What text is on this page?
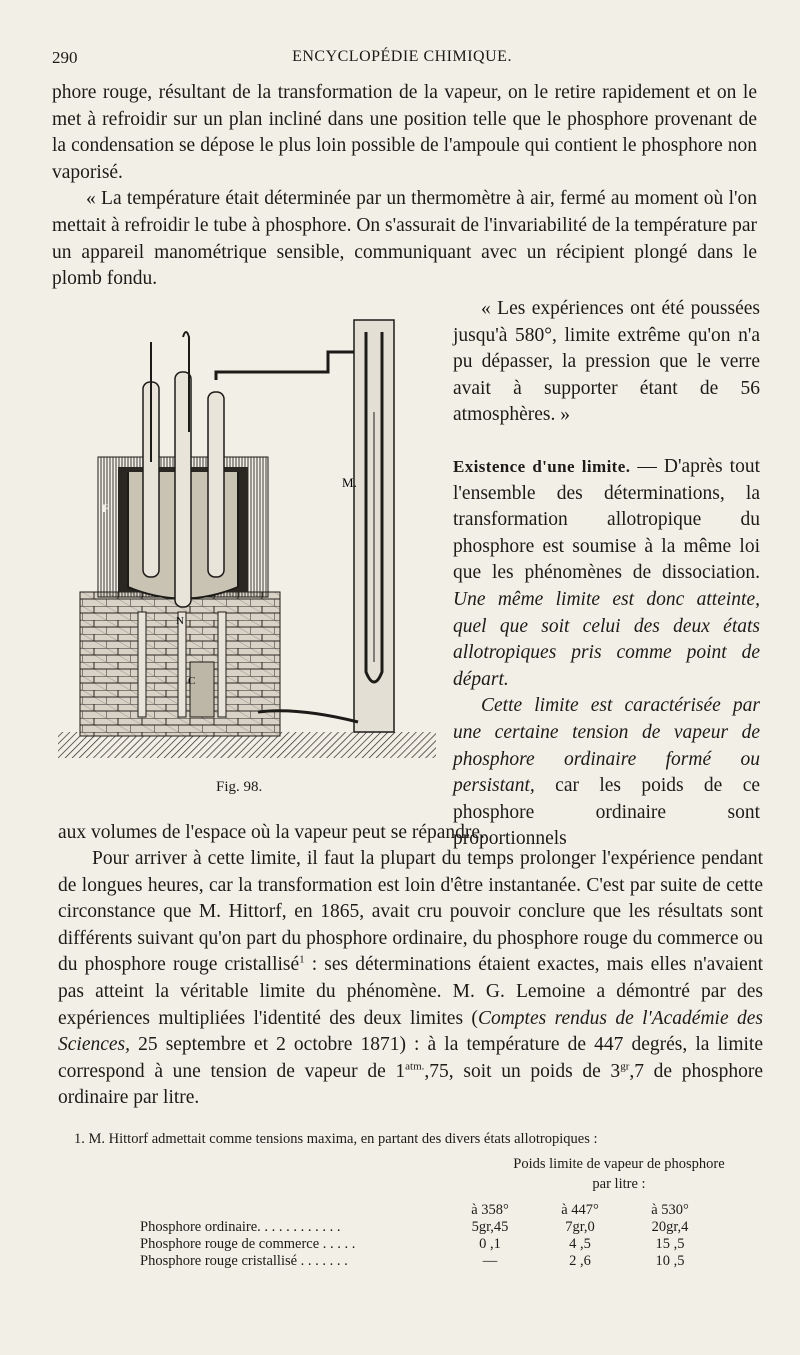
290	ENCYCLOPÉDIE CHIMIQUE.

phore rouge, résultant de la transformation de la vapeur, on le retire rapidement et on le met à refroidir sur un plan incliné dans une position telle que le phosphore provenant de la condensation se dépose le plus loin possible de l'ampoule qui contient le phosphore non vaporisé.

« La température était déterminée par un thermomètre à air, fermé au moment où l'on mettait à refroidir le tube à phosphore. On s'assurait de l'invariabilité de la température par un appareil manométrique sensible, communiquant avec un récipient plongé dans le plomb fondu.

« Les expériences ont été poussées jusqu'à 580°, limite extrême qu'on n'a pu dépasser, la pression que le verre avait à supporter étant de 56 atmosphères. »
Existence d'une limite. — D'après tout l'ensemble des déterminations, la transformation allotropique du phosphore est soumise à la même loi que les phénomènes de dissociation. Une même limite est donc atteinte, quel que soit celui des deux états allotropiques pris comme point de départ.
Cette limite est caractérisée par une certaine tension de vapeur de phosphore ordinaire formé ou persistant, car les poids de ce phosphore ordinaire sont proportionnels
M.
F
N
C
Fig. 98.

aux volumes de l'espace où la vapeur peut se répandre.

Pour arriver à cette limite, il faut la plupart du temps prolonger l'expérience pendant de longues heures, car la transformation est loin d'être instantanée. C'est par suite de cette circonstance que M. Hittorf, en 1865, avait cru pouvoir conclure que les résultats sont différents suivant qu'on part du phosphore ordinaire, du phosphore rouge du commerce ou du phosphore rouge cristallisé$^1$ : ses déterminations étaient exactes, mais elles n'avaient pas atteint la véritable limite du phénomène. M. G. Lemoine a démontré par des expériences multipliées l'identité des deux limites (Comptes rendus de l'Académie des Sciences, 25 septembre et 2 octobre 1871) : à la température de 447 degrés, la limite correspond à une tension de vapeur de $1^{atm.},75$, soit un poids de $3^{gr},7$ de phosphore ordinaire par litre.

1. M. Hittorf admettait comme tensions maxima, en partant des divers états allotropiques :
Poids limite de vapeur de phosphore
par litre :
	à 358°	à 447°	à 530°
Phosphore ordinaire. . . . . . . . . . . .	5gr,45	7gr,0	20gr,4
Phosphore rouge de commerce . . . . .	0 ,1	4 ,5	15 ,5
Phosphore rouge cristallisé . . . . . . .	—	2 ,6	10 ,5
